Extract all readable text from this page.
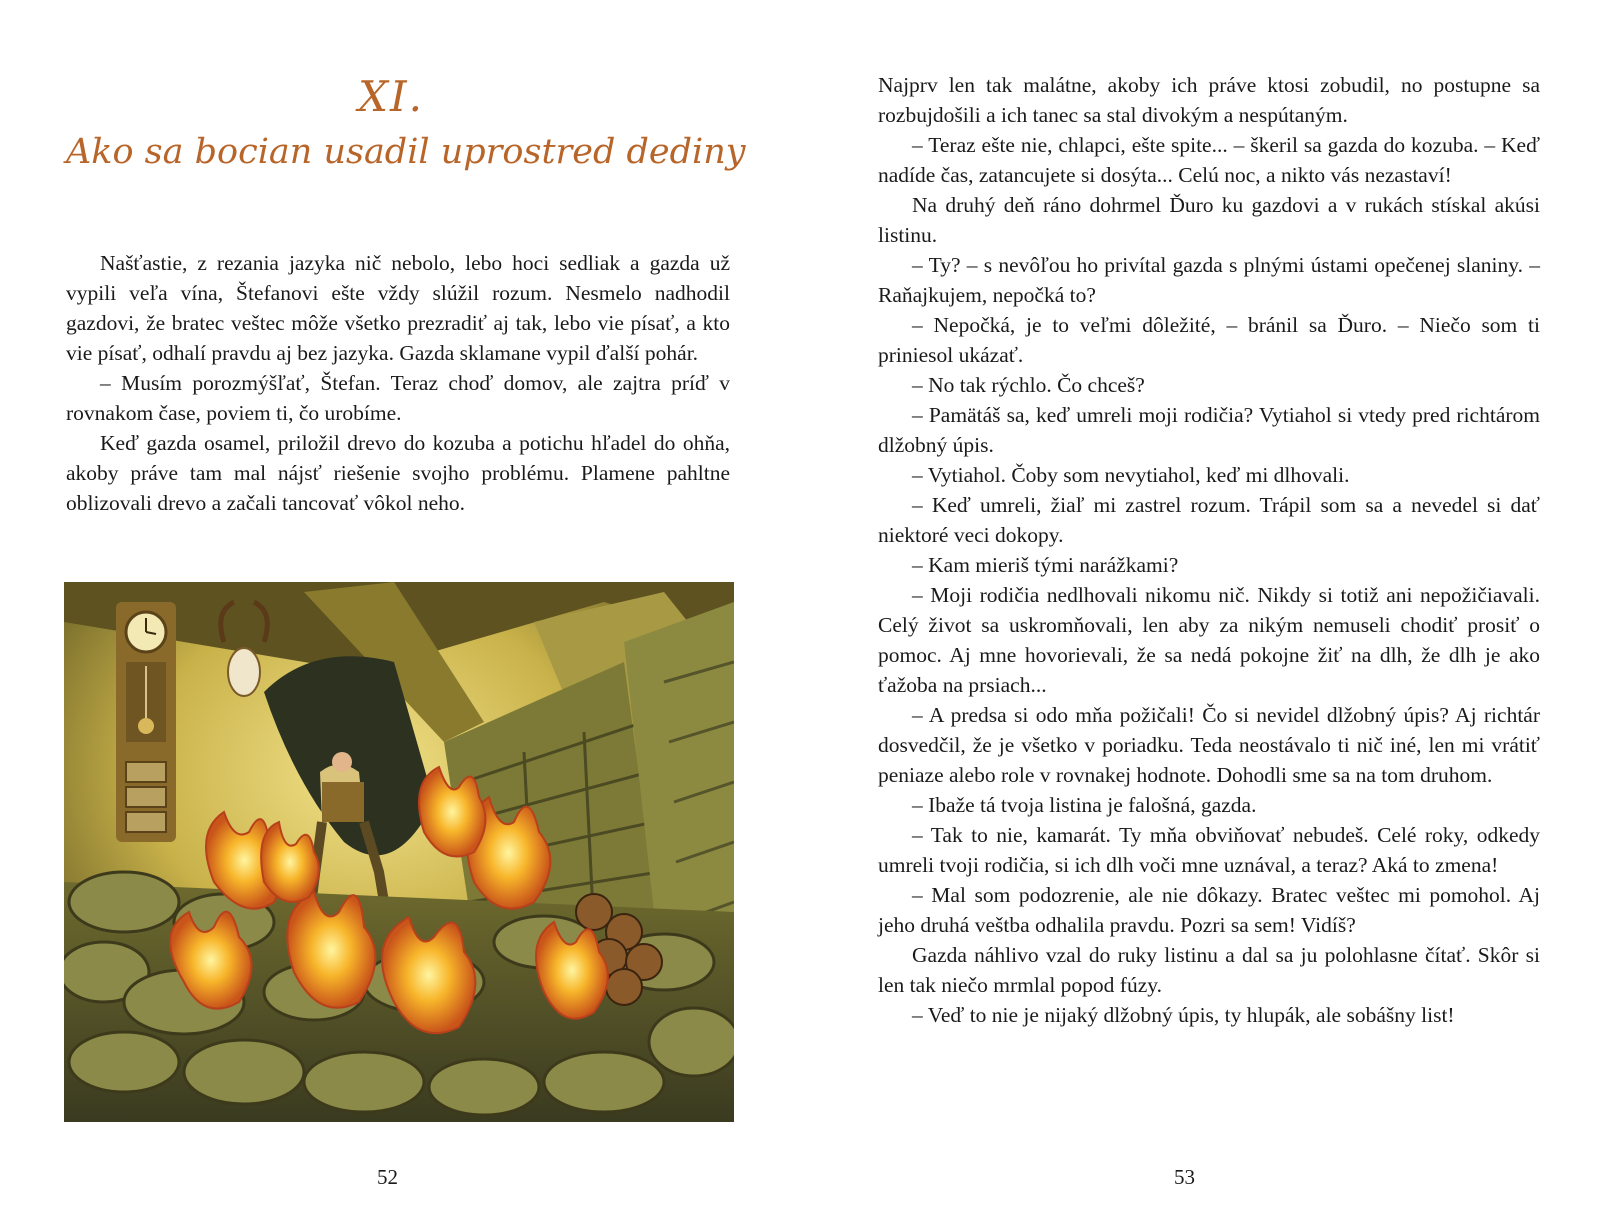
XI.
Ako sa bocian usadil uprostred dediny

Našťastie, z rezania jazyka nič nebolo, lebo hoci sedliak a gazda už vypili veľa vína, Štefanovi ešte vždy slúžil rozum. Nesmelo nadhodil gazdovi, že bratec veštec môže všetko prezradiť aj tak, lebo vie písať, a kto vie písať, odhalí pravdu aj bez jazyka. Gazda sklamane vypil ďalší pohár.

– Musím porozmýšľať, Štefan. Teraz choď domov, ale zajtra príď v rovnakom čase, poviem ti, čo urobíme.

Keď gazda osamel, priložil drevo do kozuba a potichu hľadel do ohňa, akoby práve tam mal nájsť riešenie svojho problému. Plamene pahltne oblizovali drevo a začali tancovať vôkol neho.

52

Najprv len tak malátne, akoby ich práve ktosi zobudil, no postupne sa rozbujdošili a ich tanec sa stal divokým a nespútaným.

– Teraz ešte nie, chlapci, ešte spite... – škeril sa gazda do kozuba. – Keď nadíde čas, zatancujete si dosýta... Celú noc, a nikto vás nezastaví!

Na druhý deň ráno dohrmel Ďuro ku gazdovi a v rukách stískal akúsi listinu.

– Ty? – s nevôľou ho privítal gazda s plnými ústami opečenej slaniny. – Raňajkujem, nepočká to?

– Nepočká, je to veľmi dôležité, – bránil sa Ďuro. – Niečo som ti priniesol ukázať.

– No tak rýchlo. Čo chceš?

– Pamätáš sa, keď umreli moji rodičia? Vytiahol si vtedy pred richtárom dlžobný úpis.

– Vytiahol. Čoby som nevytiahol, keď mi dlhovali.

– Keď umreli, žiaľ mi zastrel rozum. Trápil som sa a nevedel si dať niektoré veci dokopy.

– Kam mieriš tými narážkami?

– Moji rodičia nedlhovali nikomu nič. Nikdy si totiž ani nepožičiavali. Celý život sa uskromňovali, len aby za nikým nemuseli chodiť prosiť o pomoc. Aj mne hovorievali, že sa nedá pokojne žiť na dlh, že dlh je ako ťažoba na prsiach...

– A predsa si odo mňa požičali! Čo si nevidel dlžobný úpis? Aj richtár dosvedčil, že je všetko v poriadku. Teda neostávalo ti nič iné, len mi vrátiť peniaze alebo role v rovnakej hodnote. Dohodli sme sa na tom druhom.

– Ibaže tá tvoja listina je falošná, gazda.

– Tak to nie, kamarát. Ty mňa obviňovať nebudeš. Celé roky, odkedy umreli tvoji rodičia, si ich dlh voči mne uznával, a teraz? Aká to zmena!

– Mal som podozrenie, ale nie dôkazy. Bratec veštec mi pomohol. Aj jeho druhá veštba odhalila pravdu. Pozri sa sem! Vidíš?

Gazda náhlivo vzal do ruky listinu a dal sa ju polohlasne čítať. Skôr si len tak niečo mrmlal popod fúzy.

– Veď to nie je nijaký dlžobný úpis, ty hlupák, ale sobášny list!

53
